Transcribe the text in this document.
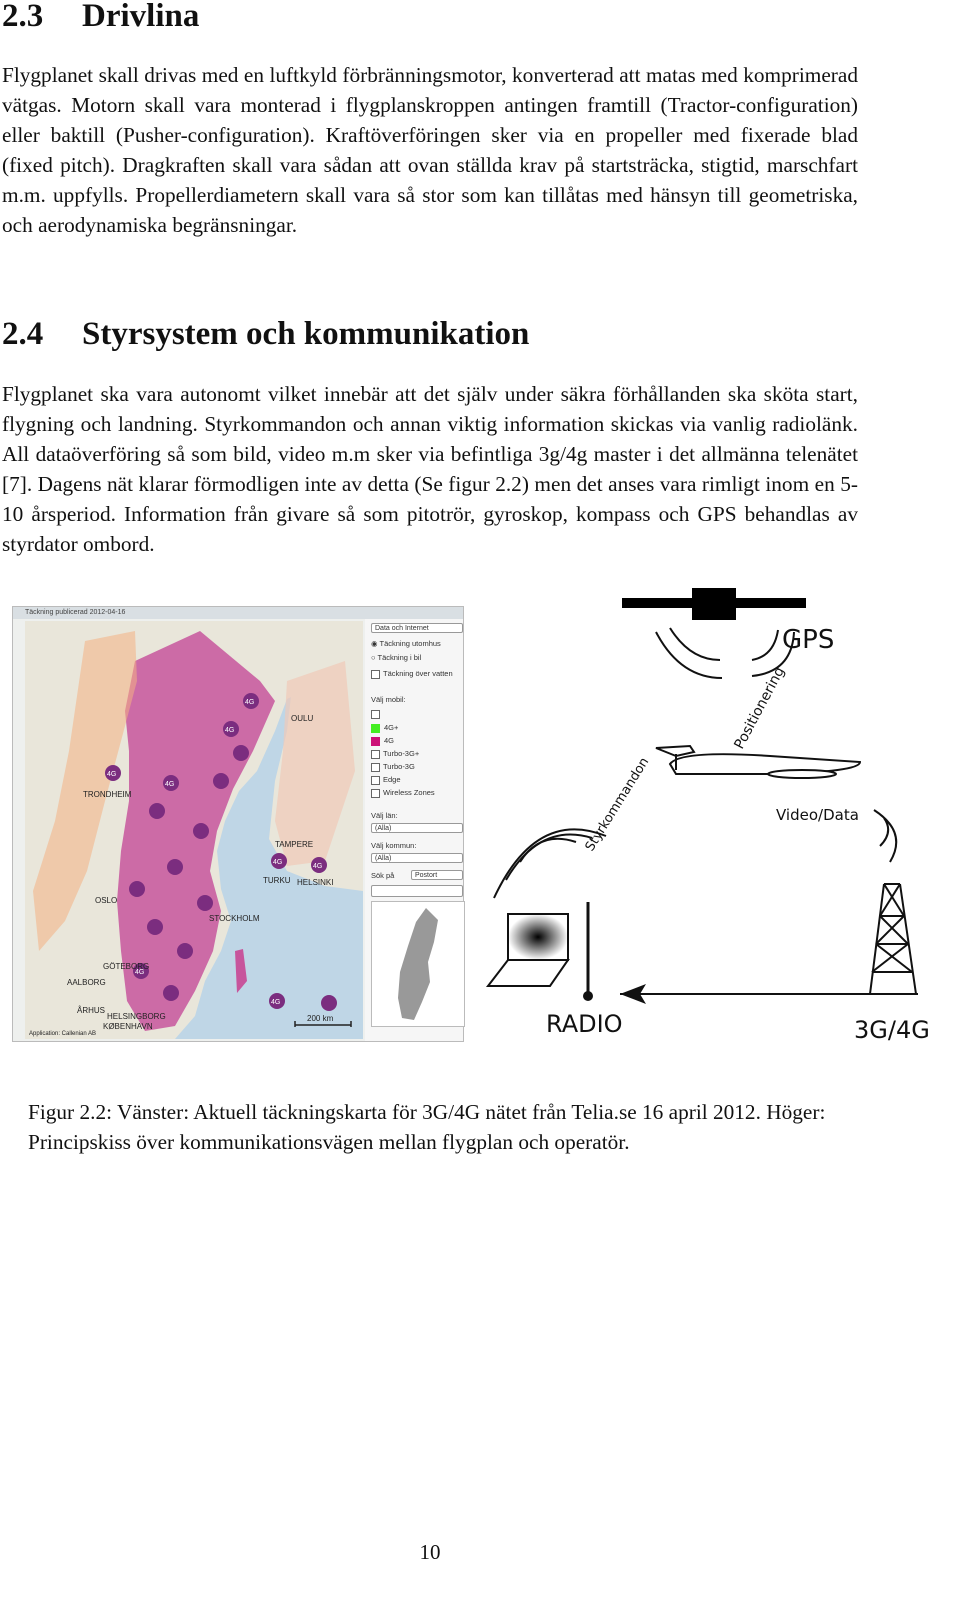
2.3 Drivlina

Flygplanet skall drivas med en luftkyld förbränningsmotor, konverterad att matas med komprimerad vätgas. Motorn skall vara monterad i flygplanskroppen antingen framtill (Tractor-configuration) eller baktill (Pusher-configuration). Kraftöverföringen sker via en propeller med fixerade blad (fixed pitch). Dragkraften skall vara sådan att ovan ställda krav på startsträcka, stigtid, marschfart m.m. uppfylls. Propellerdiametern skall vara så stor som kan tillåtas med hänsyn till geometriska, och aerodynamiska begränsningar.

2.4 Styrsystem och kommunikation

Flygplanet ska vara autonomt vilket innebär att det själv under säkra förhållanden ska sköta start, flygning och landning. Styrkommandon och annan viktig information skickas via vanlig radiolänk. All dataöverföring så som bild, video m.m sker via befintliga 3g/4g master i det allmänna telenätet [7]. Dagens nät klarar förmodligen inte av detta (Se figur 2.2) men det anses vara rimligt inom en 5-10 årsperiod. Information från givare så som pitotrör, gyroskop, kompass och GPS behandlas av styrdator ombord.

Täckning publicerad 2012-04-16
4G
4G
4G
4G
4G
4G
4G
4G
OULU
TRONDHEIM
TAMPERE
TURKU HELSINKI
OSLO
GÖTEBORG
AALBORG
ÅRHUS
HELSINGBORG
KØBENHAVN
STOCKHOLM
200 km
Application: Callenian AB
Data och Internet
◉ Täckning utomhus
○ Täckning i bil
Täckning över vatten
Välj mobil:
4G+
4G
Turbo-3G+
Turbo-3G
Edge
Wireless Zones
Välj län:
(Alla)
Välj kommun:
(Alla)
Sök på	Postort
GPS
Positionering
Styrkommandon	Video/Data
RADIO	3G/4G
Figur 2.2: Vänster: Aktuell täckningskarta för 3G/4G nätet från Telia.se 16 april 2012. Höger: Principskiss över kommunikationsvägen mellan flygplan och operatör.
10
